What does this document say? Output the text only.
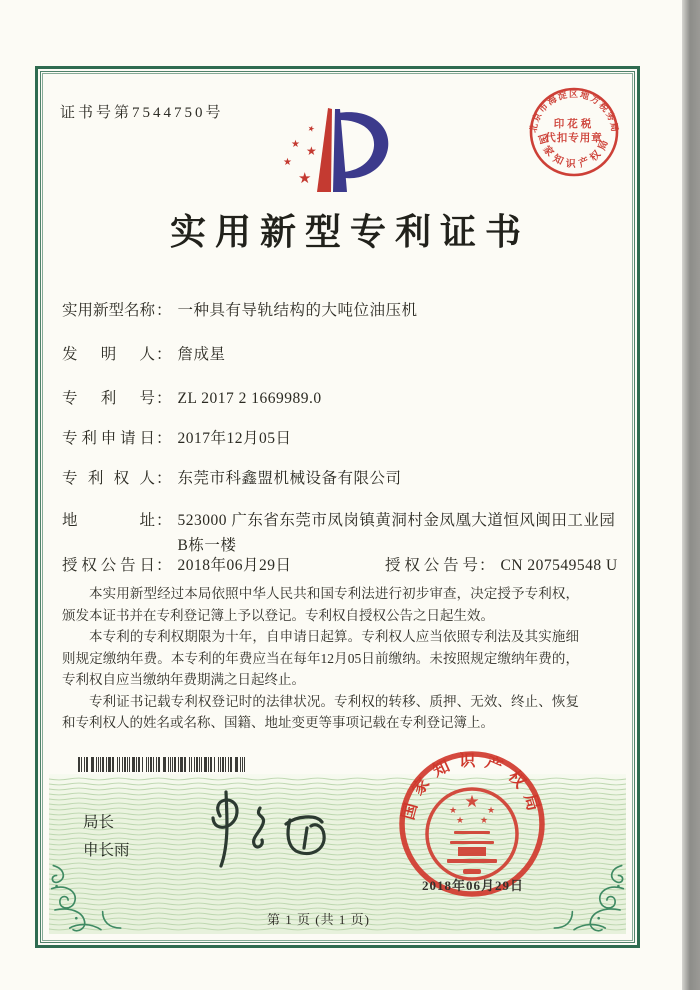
证书号第7544750号
★
★ ★
★
★
实用新型专利证书
北京市海淀区地方税务局
国家知识产权局
印花税
代扣专用章
实用新型名称： 一种具有导轨结构的大吨位油压机
发明人： 詹成星
专利号： ZL 2017 2 1669989.0
专利申请日： 2017年12月05日
专利权人： 东莞市科鑫盟机械设备有限公司
地址： 523000 广东省东莞市凤岗镇黄洞村金凤凰大道恒风闽田工业园B栋一楼
授权公告日： 2018年06月29日	授权公告号： CN 207549548 U

本实用新型经过本局依照中华人民共和国专利法进行初步审查，决定授予专利权，颁发本证书并在专利登记簿上予以登记。专利权自授权公告之日起生效。

本专利的专利权期限为十年，自申请日起算。专利权人应当依照专利法及其实施细则规定缴纳年费。本专利的年费应当在每年12月05日前缴纳。未按照规定缴纳年费的，专利权自应当缴纳年费期满之日起终止。

专利证书记载专利权登记时的法律状况。专利权的转移、质押、无效、终止、恢复和专利权人的姓名或名称、国籍、地址变更等事项记载在专利登记簿上。

局长
申长雨
国家知识产权局
★
★	★
★ ★
2018年06月29日
第 1 页 (共 1 页)
